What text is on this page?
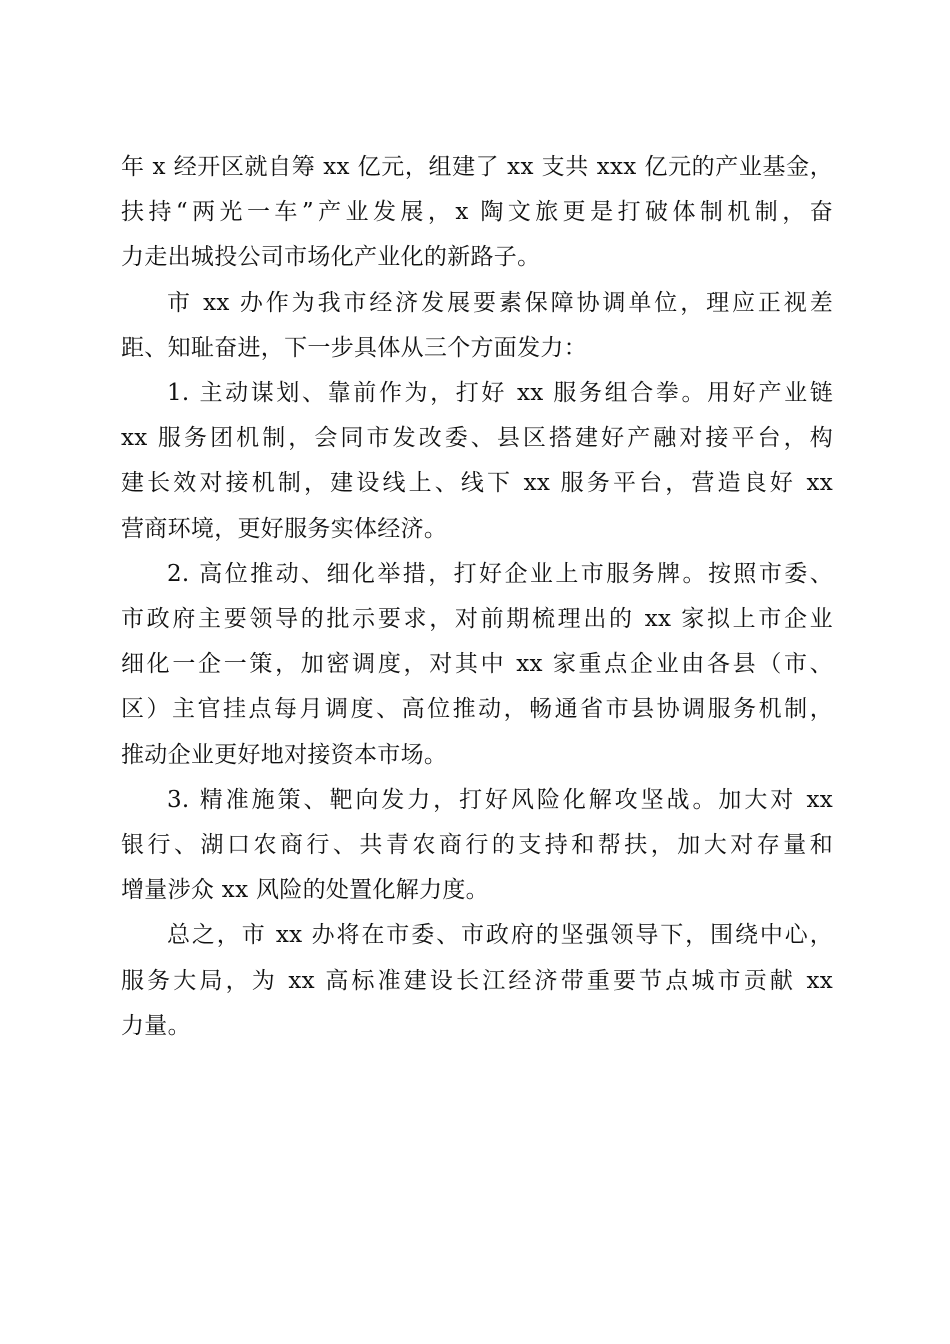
年 x 经开区就自筹 xx 亿元，组建了 xx 支共 xxx 亿元的产业基金，
扶持“两光一车”产业发展，x 陶文旅更是打破体制机制，奋
力走出城投公司市场化产业化的新路子。
市 xx 办作为我市经济发展要素保障协调单位，理应正视差
距、知耻奋进，下一步具体从三个方面发力：
1. 主动谋划、靠前作为，打好 xx 服务组合拳。用好产业链
xx 服务团机制，会同市发改委、县区搭建好产融对接平台，构
建长效对接机制，建设线上、线下 xx 服务平台，营造良好 xx
营商环境，更好服务实体经济。
2. 高位推动、细化举措，打好企业上市服务牌。按照市委、
市政府主要领导的批示要求，对前期梳理出的 xx 家拟上市企业
细化一企一策，加密调度，对其中 xx 家重点企业由各县（市、
区）主官挂点每月调度、高位推动，畅通省市县协调服务机制，
推动企业更好地对接资本市场。
3. 精准施策、靶向发力，打好风险化解攻坚战。加大对 xx
银行、湖口农商行、共青农商行的支持和帮扶，加大对存量和
增量涉众 xx 风险的处置化解力度。
总之，市 xx 办将在市委、市政府的坚强领导下，围绕中心，
服务大局，为 xx 高标准建设长江经济带重要节点城市贡献 xx
力量。
